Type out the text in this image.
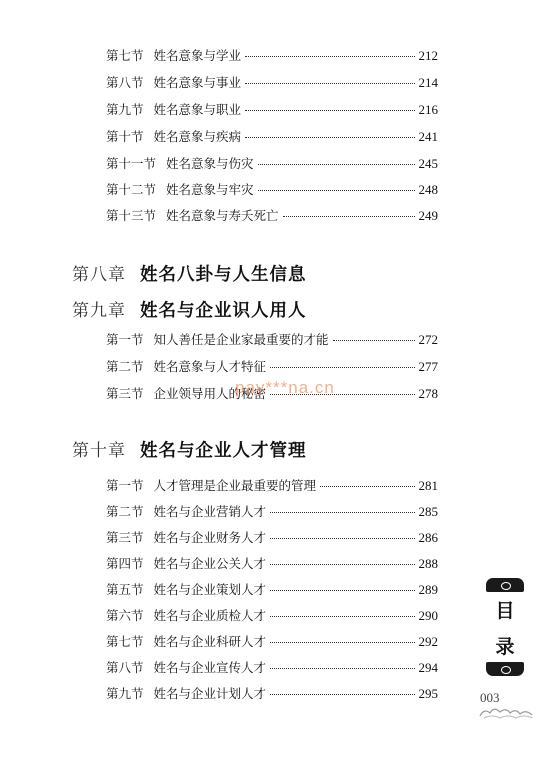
第七节 姓名意象与学业	212
第八节 姓名意象与事业	214
第九节 姓名意象与职业	216
第十节 姓名意象与疾病	241
第十一节 姓名意象与伤灾	245
第十二节 姓名意象与牢灾	248
第十三节 姓名意象与寿夭死亡	249
第八章 姓名八卦与人生信息
第九章 姓名与企业识人用人
第一节 知人善任是企业家最重要的才能	272
第二节 姓名意象与人才特征	277
第三节 企业领导用人的秘密	278
第十章 姓名与企业人才管理
第一节 人才管理是企业最重要的管理	281
第二节 姓名与企业营销人才	285
第三节 姓名与企业财务人才	286
第四节 姓名与企业公关人才	288
第五节 姓名与企业策划人才	289
第六节 姓名与企业质检人才	290
第七节 姓名与企业科研人才	292
第八节 姓名与企业宣传人才	294
第九节 姓名与企业计划人才	295
目
录
003
pay***na.cn
